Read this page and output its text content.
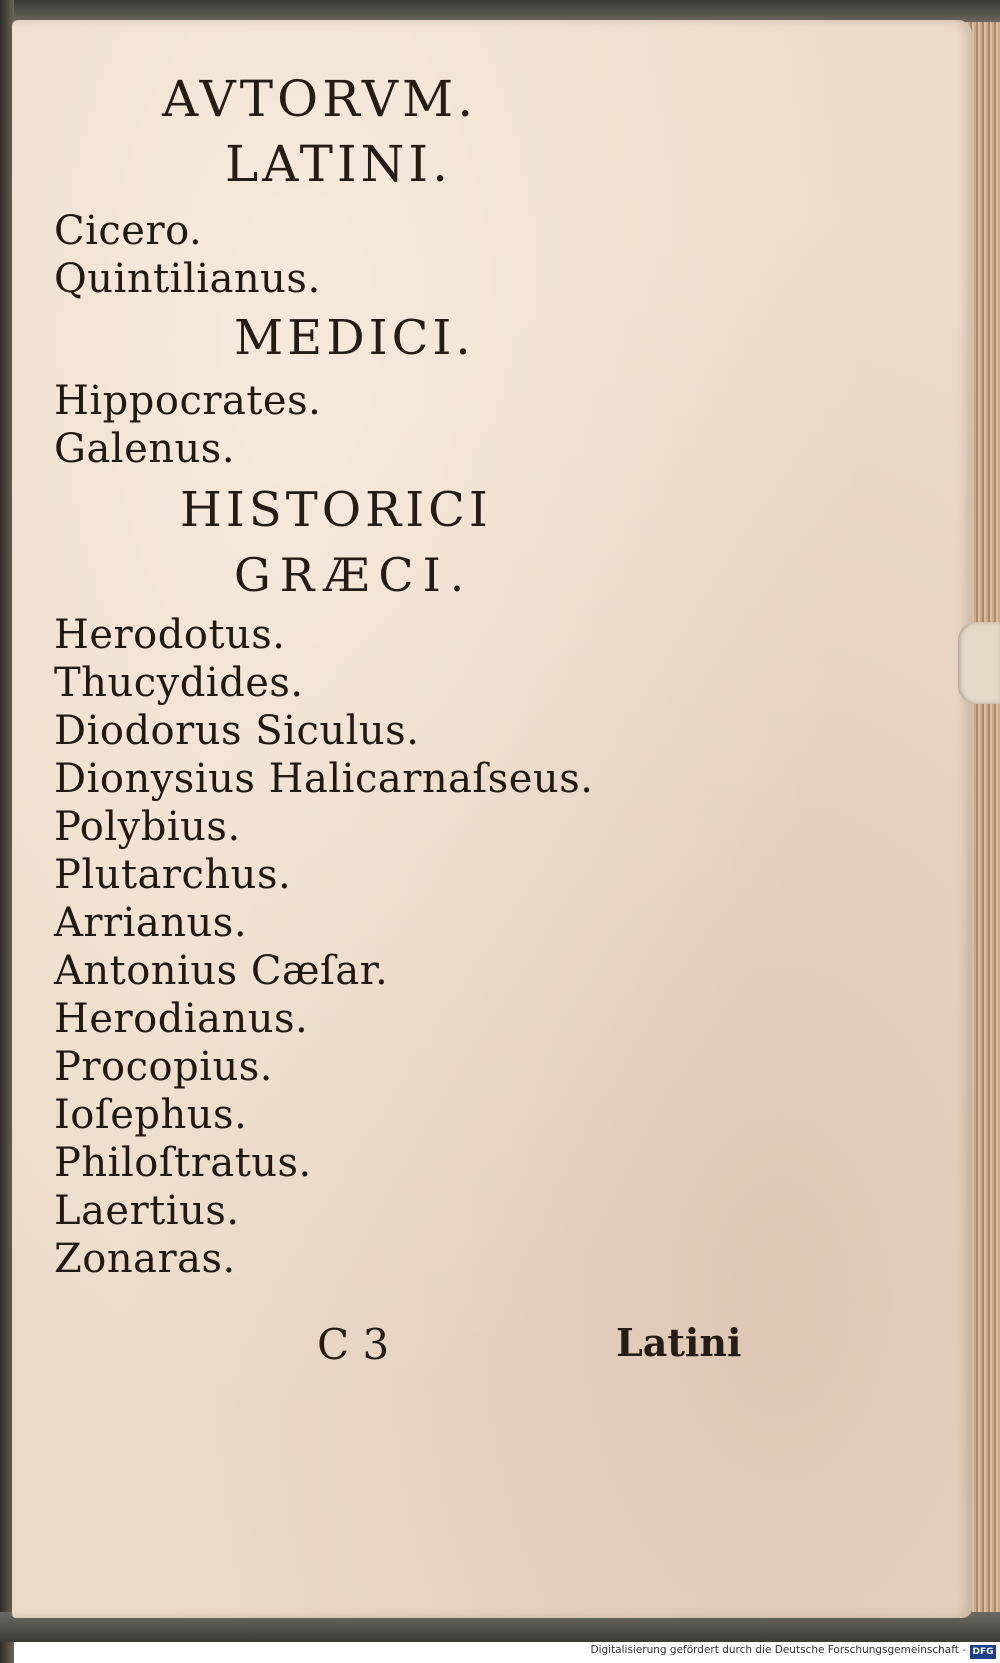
AVTORVM.
LATINI.
Cicero.
Quintilianus.
MEDICI.
Hippocrates.
Galenus.
HISTORICI
GRÆCI.
Herodotus.
Thucydides.
Diodorus Siculus.
Dionysius Halicarnaſseus.
Polybius.
Plutarchus.
Arrianus.
Antonius Cæſar.
Herodianus.
Procopius.
Ioſephus.
Philoſtratus.
Laertius.
Zonaras.
C 3	Latini
Digitalisierung gefördert durch die Deutsche Forschungsgemeinschaft - DFG
